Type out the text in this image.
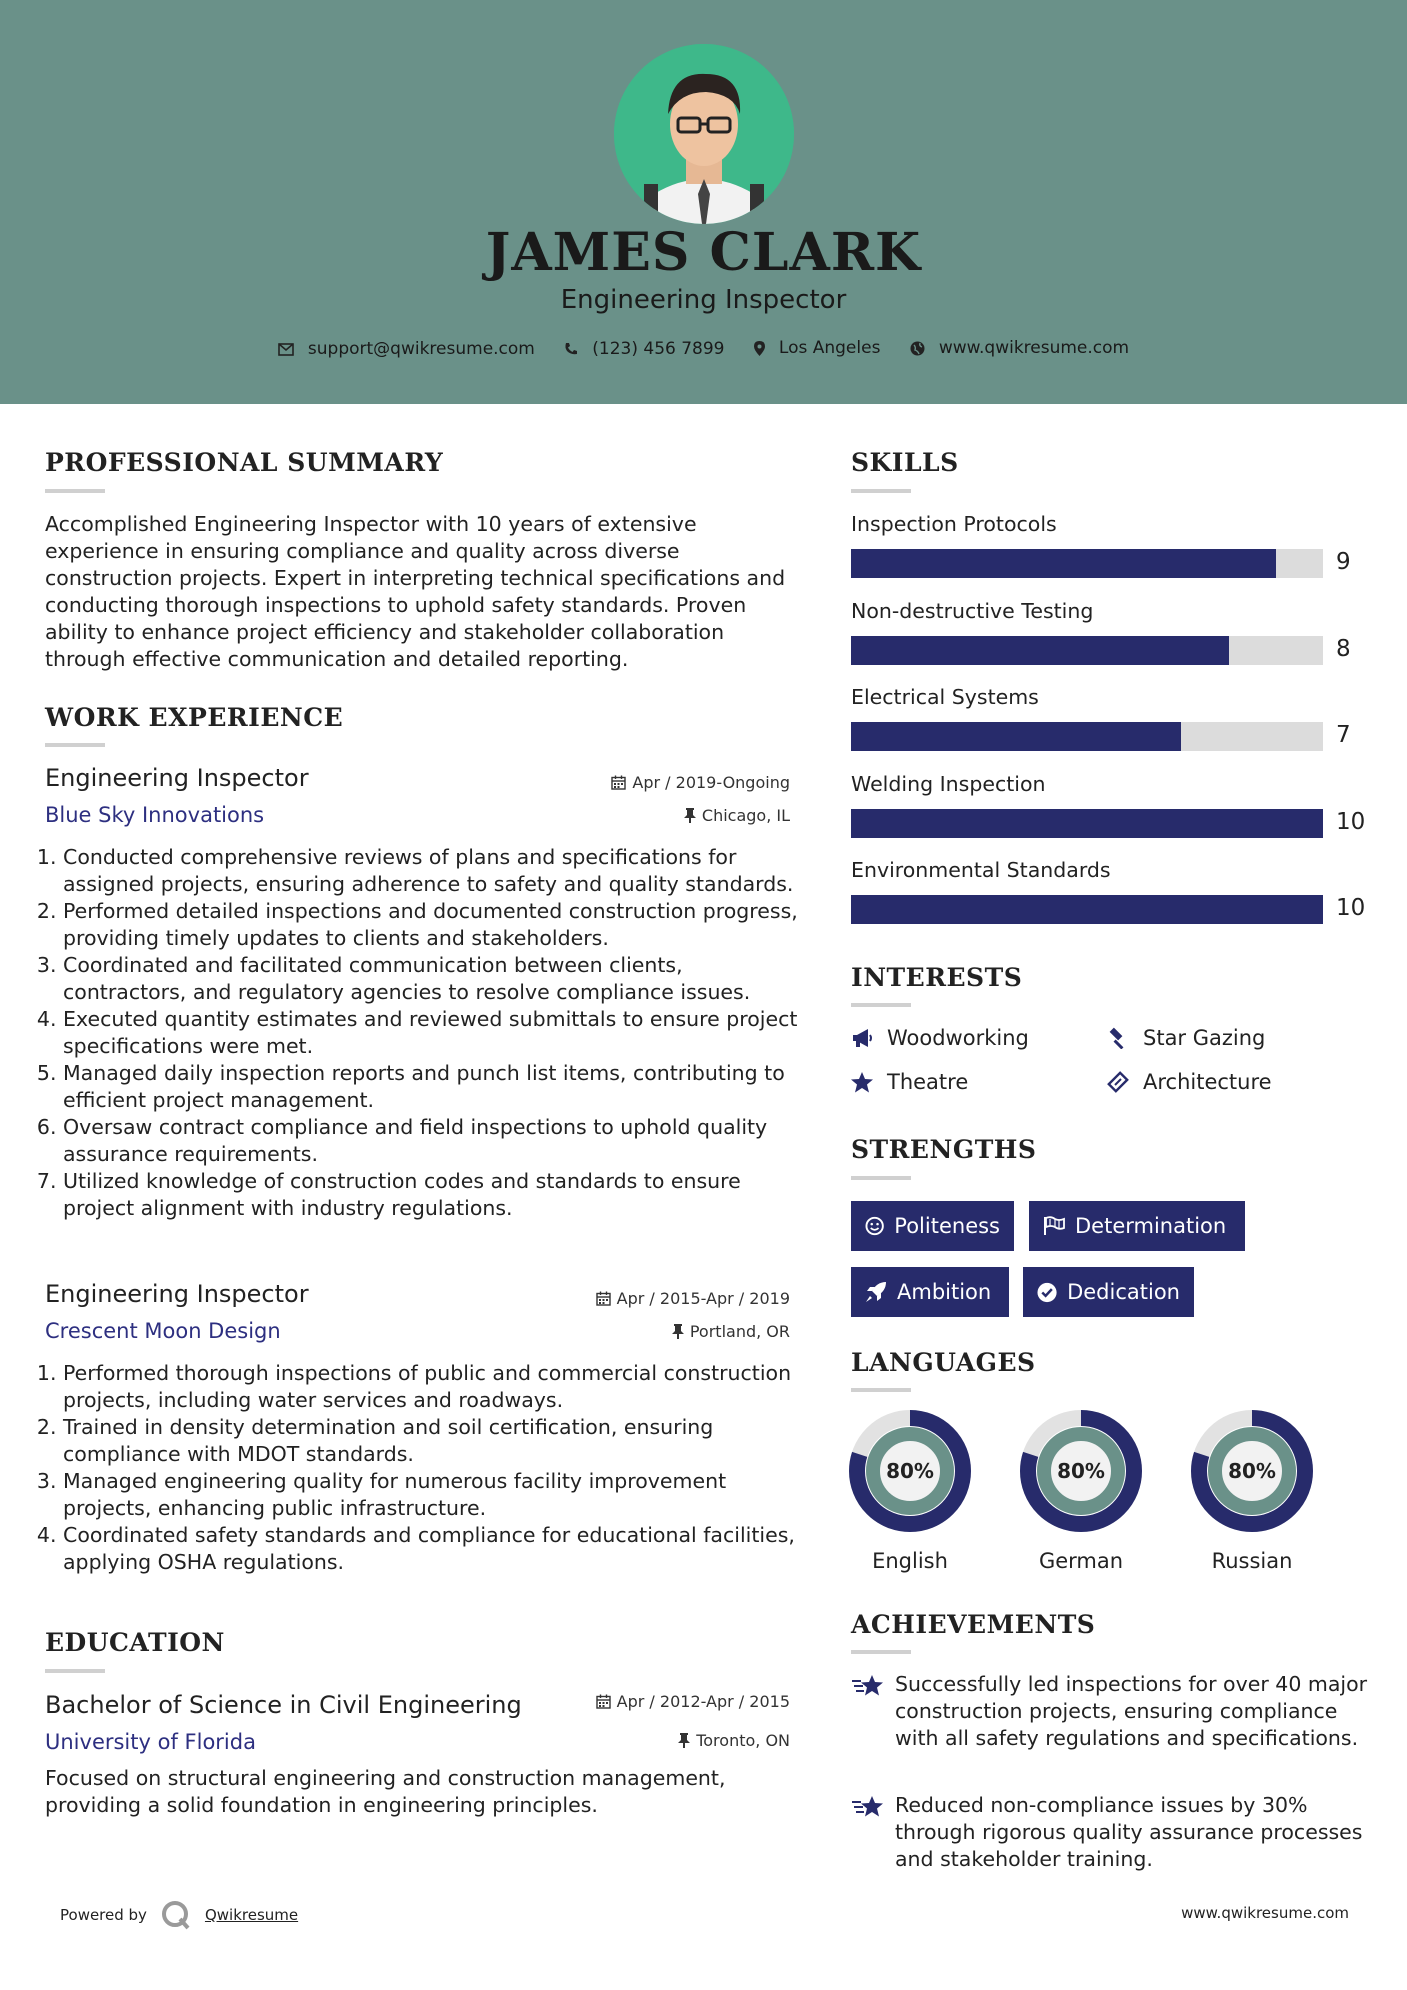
JAMES CLARK
Engineering Inspector
support@qwikresume.com
	(123) 456 7899
	Los Angeles
	www.qwikresume.com
PROFESSIONAL SUMMARY
Accomplished Engineering Inspector with 10 years of extensive experience in ensuring compliance and quality across diverse construction projects. Expert in interpreting technical specifications and conducting thorough inspections to uphold safety standards. Proven ability to enhance project efficiency and stakeholder collaboration through effective communication and detailed reporting.
WORK EXPERIENCE
Engineering Inspector	Apr / 2019-Ongoing
Blue Sky Innovations	Chicago, IL
1. Conducted comprehensive reviews of plans and specifications for assigned projects, ensuring adherence to safety and quality standards.
2. Performed detailed inspections and documented construction progress, providing timely updates to clients and stakeholders.
3. Coordinated and facilitated communication between clients, contractors, and regulatory agencies to resolve compliance issues.
4. Executed quantity estimates and reviewed submittals to ensure project specifications were met.
5. Managed daily inspection reports and punch list items, contributing to efficient project management.
6. Oversaw contract compliance and field inspections to uphold quality assurance requirements.
7. Utilized knowledge of construction codes and standards to ensure project alignment with industry regulations.
Engineering Inspector	Apr / 2015-Apr / 2019
Crescent Moon Design	Portland, OR
1. Performed thorough inspections of public and commercial construction projects, including water services and roadways.
2. Trained in density determination and soil certification, ensuring compliance with MDOT standards.
3. Managed engineering quality for numerous facility improvement projects, enhancing public infrastructure.
4. Coordinated safety standards and compliance for educational facilities, applying OSHA regulations.
EDUCATION
Bachelor of Science in Civil Engineering	Apr / 2012-Apr / 2015
University of Florida	Toronto, ON
Focused on structural engineering and construction management, providing a solid foundation in engineering principles.
SKILLS
Inspection Protocols
9
Non-destructive Testing
8
Electrical Systems
7
Welding Inspection
10
Environmental Standards
10
INTERESTS
Woodworking	Star Gazing
Theatre	Architecture
STRENGTHS
Politeness	Determination
Ambition	Dedication
LANGUAGES
80%
English
80%
German
80%
Russian
ACHIEVEMENTS
Successfully led inspections for over 40 major construction projects, ensuring compliance with all safety regulations and specifications.
Reduced non-compliance issues by 30% through rigorous quality assurance processes and stakeholder training.
Powered by	Qwikresume	www.qwikresume.com
